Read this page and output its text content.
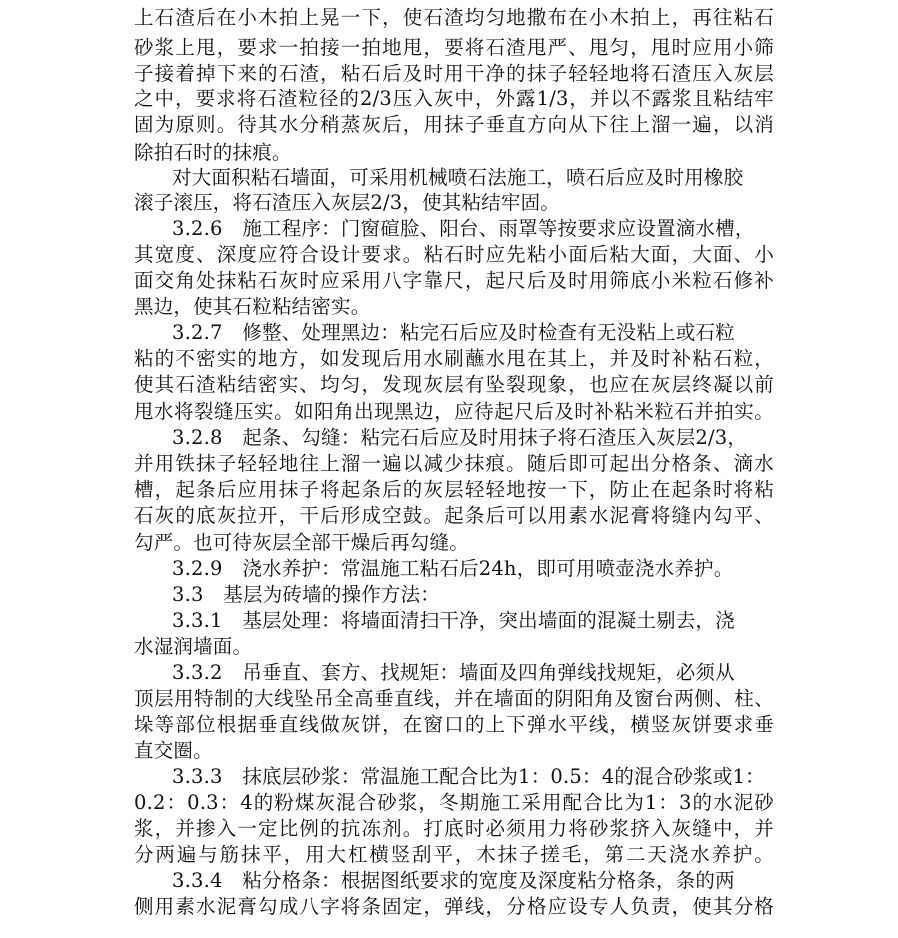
上石渣后在小木拍上晃一下，使石渣均匀地撒布在小木拍上，再往粘石
砂浆上甩，要求一拍接一拍地甩，要将石渣甩严、甩匀，甩时应用小筛
子接着掉下来的石渣，粘石后及时用干净的抹子轻轻地将石渣压入灰层
之中，要求将石渣粒径的2/3压入灰中，外露1/3，并以不露浆且粘结牢
固为原则。待其水分稍蒸灰后，用抹子垂直方向从下往上溜一遍，以消
除拍石时的抹痕。
对大面积粘石墙面，可采用机械喷石法施工，喷石后应及时用橡胶
滚子滚压，将石渣压入灰层2/3，使其粘结牢固。
3.2.6　施工程序：门窗碹脸、阳台、雨罩等按要求应设置滴水槽，
其宽度、深度应符合设计要求。粘石时应先粘小面后粘大面，大面、小
面交角处抹粘石灰时应采用八字靠尺，起尺后及时用筛底小米粒石修补
黑边，使其石粒粘结密实。
3.2.7　修整、处理黑边：粘完石后应及时检查有无没粘上或石粒
粘的不密实的地方，如发现后用水刷蘸水甩在其上，并及时补粘石粒，
使其石渣粘结密实、均匀，发现灰层有坠裂现象，也应在灰层终凝以前
甩水将裂缝压实。如阳角出现黑边，应待起尺后及时补粘米粒石并拍实。
3.2.8　起条、勾缝：粘完石后应及时用抹子将石渣压入灰层2/3，
并用铁抹子轻轻地往上溜一遍以减少抹痕。随后即可起出分格条、滴水
槽，起条后应用抹子将起条后的灰层轻轻地按一下，防止在起条时将粘
石灰的底灰拉开，干后形成空鼓。起条后可以用素水泥膏将缝内勾平、
勾严。也可待灰层全部干燥后再勾缝。
3.2.9　浇水养护：常温施工粘石后24h，即可用喷壶浇水养护。
3.3　基层为砖墙的操作方法：
3.3.1　基层处理：将墙面清扫干净，突出墙面的混凝土剔去，浇
水湿润墙面。
3.3.2　吊垂直、套方、找规矩：墙面及四角弹线找规矩，必须从
顶层用特制的大线坠吊全高垂直线，并在墙面的阴阳角及窗台两侧、柱、
垛等部位根据垂直线做灰饼，在窗口的上下弹水平线，横竖灰饼要求垂
直交圈。
3.3.3　抹底层砂浆：常温施工配合比为1：0.5：4的混合砂浆或1：
0.2：0.3：4的粉煤灰混合砂浆，冬期施工采用配合比为1：3的水泥砂
浆，并掺入一定比例的抗冻剂。打底时必须用力将砂浆挤入灰缝中，并
分两遍与筋抹平，用大杠横竖刮平，木抹子搓毛，第二天浇水养护。
3.3.4　粘分格条：根据图纸要求的宽度及深度粘分格条，条的两
侧用素水泥膏勾成八字将条固定，弹线，分格应设专人负责，使其分格
